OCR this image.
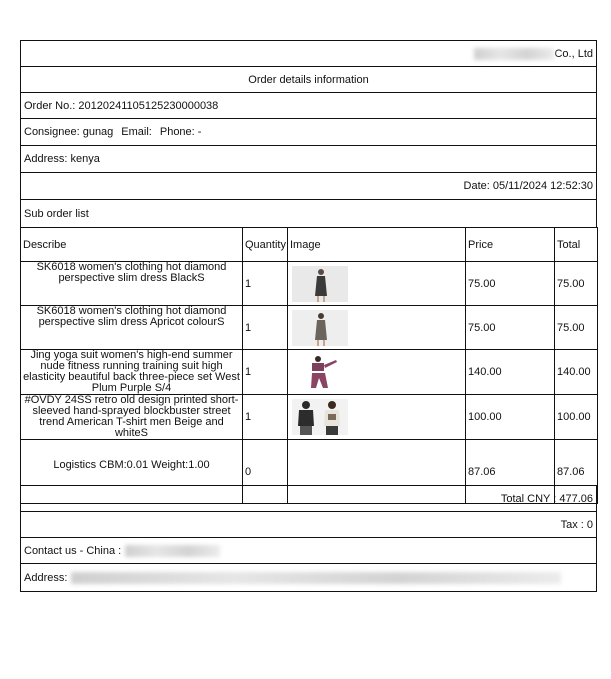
Co., Ltd
Order details information
Order No.: 20120241105125230000038
Consignee: gunag Email: Phone: -
Address: kenya
Date: 05/11/2024 12:52:30
Sub order list
Describe	Quantity	Image	Price	Total
SK6018 women's clothing hot diamond perspective slim dress BlackS	1		75.00	75.00
SK6018 women's clothing hot diamond perspective slim dress Apricot colourS	1		75.00	75.00
Jing yoga suit women's high-end summer nude fitness running training suit high elasticity beautiful back three-piece set West Plum Purple S/4	1		140.00	140.00
#OVDY 24SS retro old design printed short-sleeved hand-sprayed blockbuster street trend American T-shirt men Beige and whiteS	1		100.00	100.00
Logistics CBM:0.01 Weight:1.00	0		87.06	87.06
Total CNY : 477.06
Tax : 0
Contact us - China :
Address:
